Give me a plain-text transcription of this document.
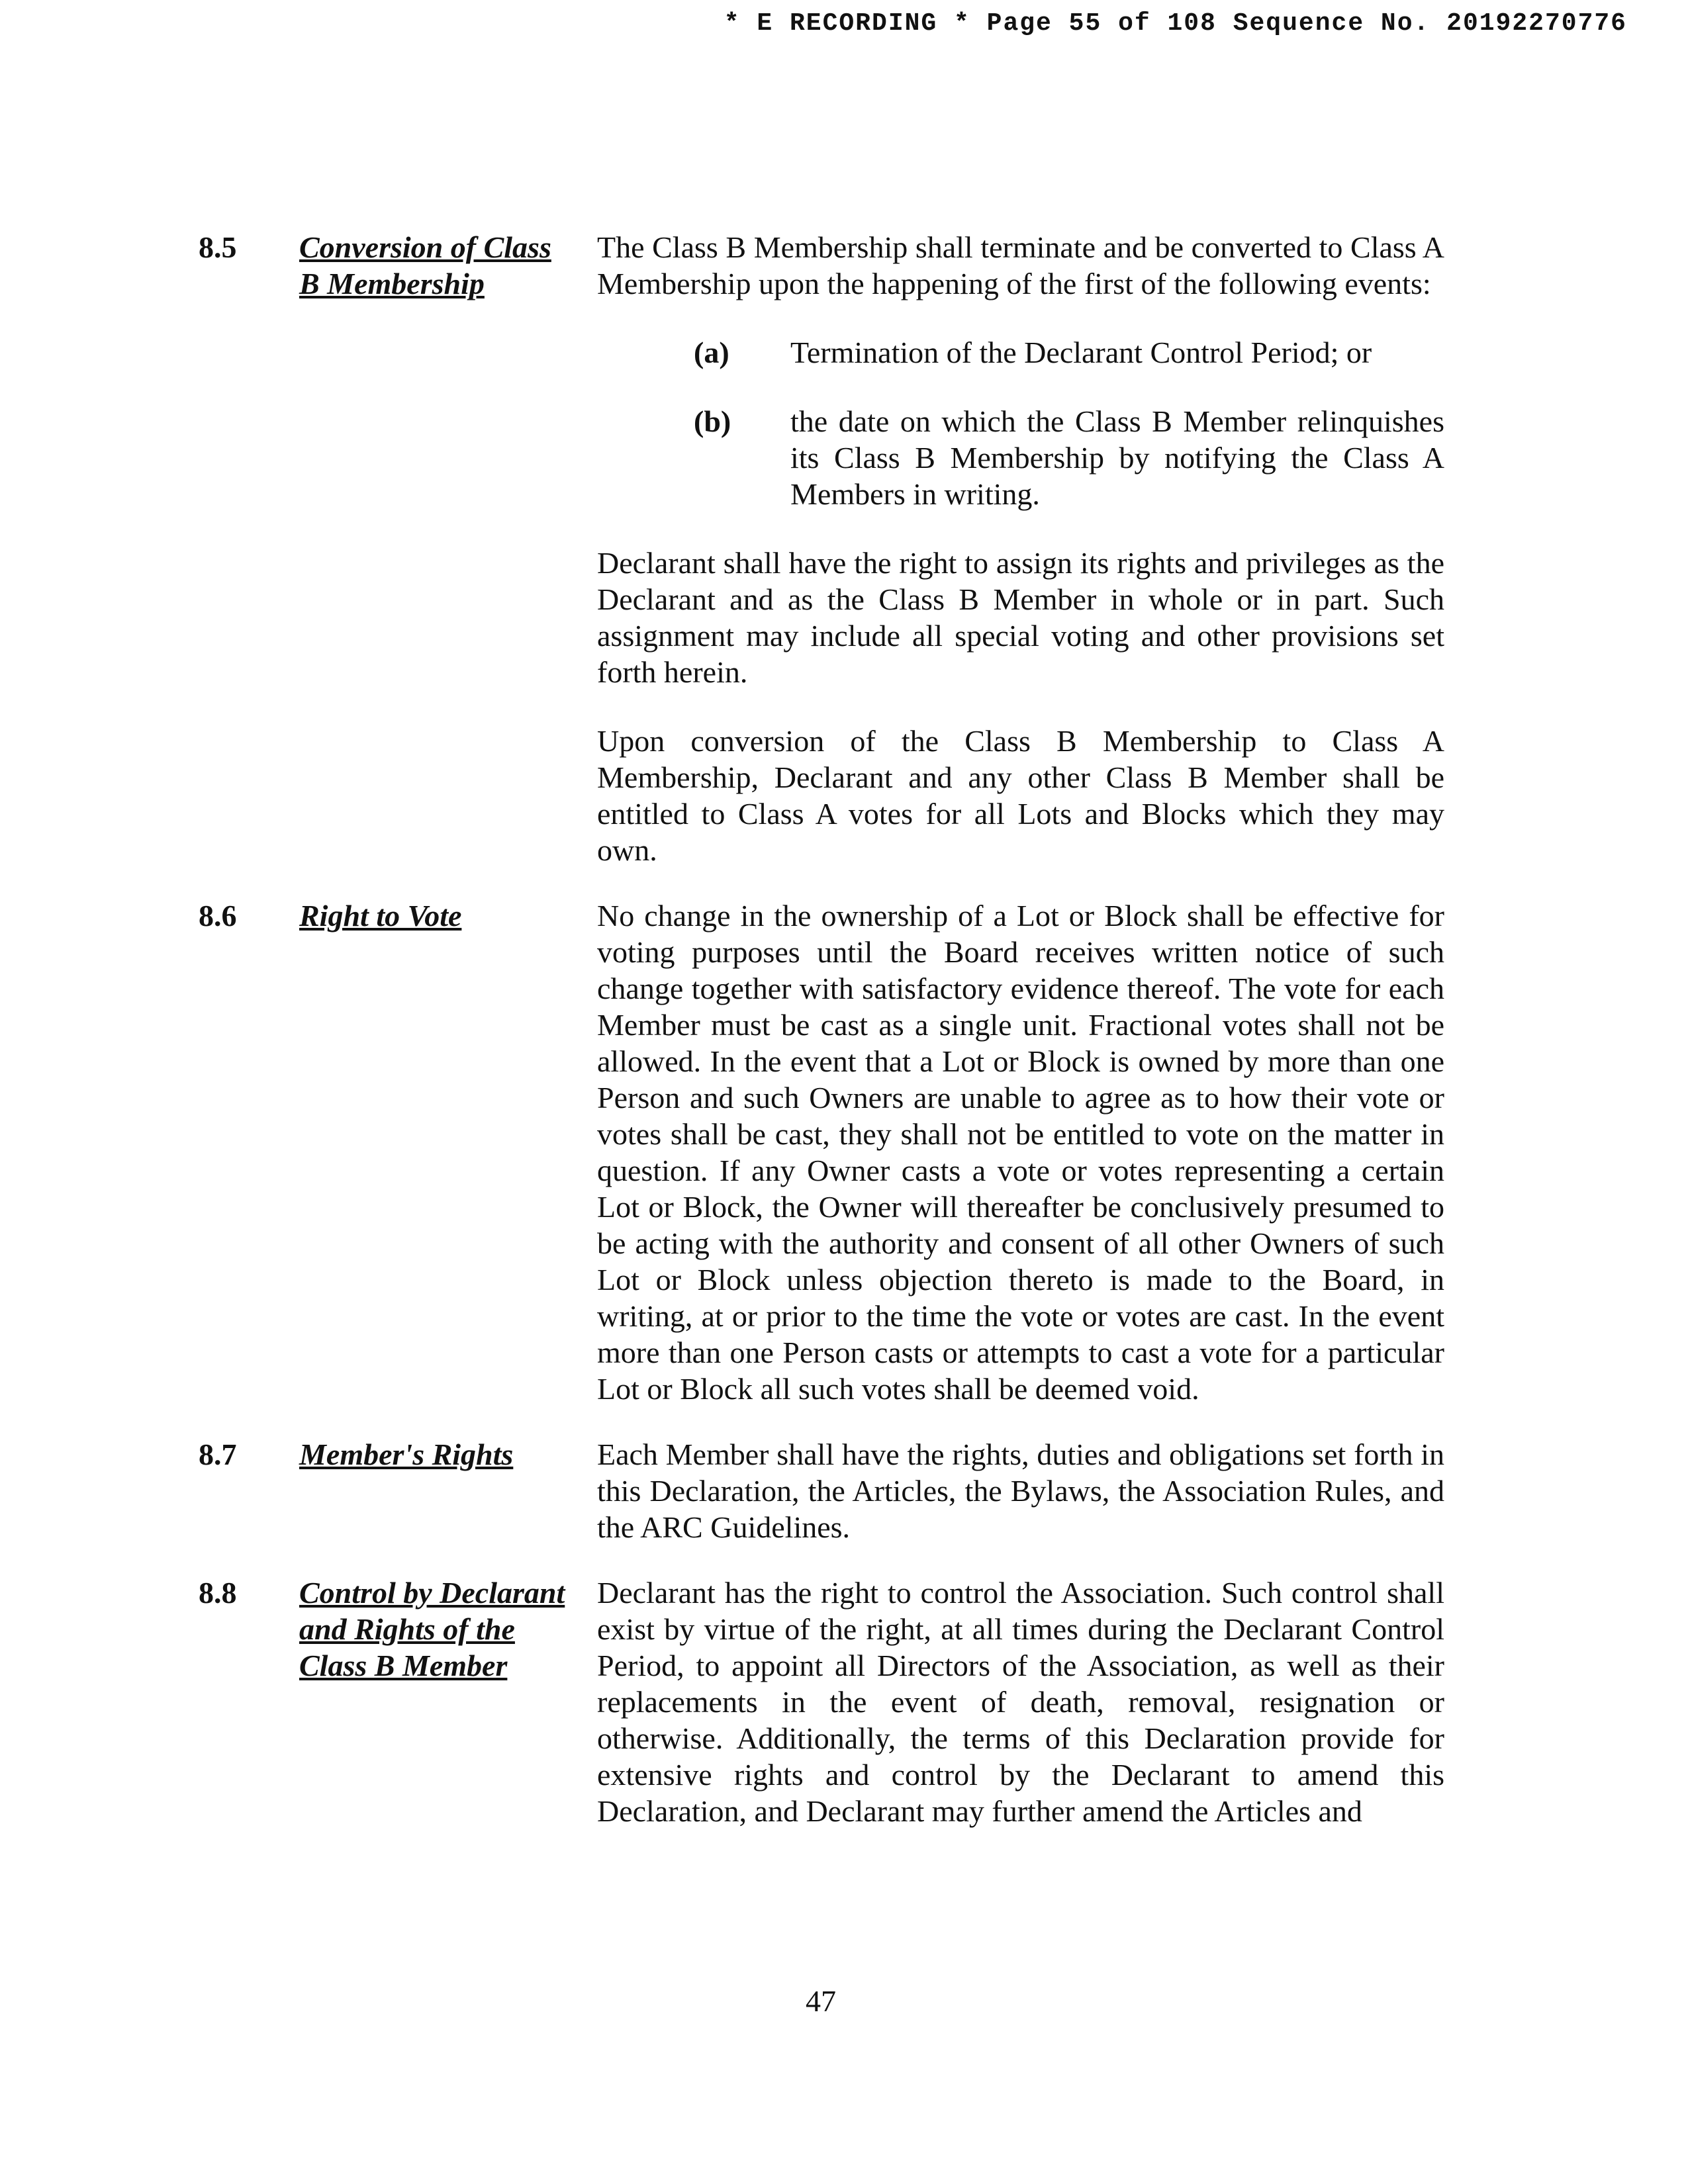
* E RECORDING * Page 55 of 108 Sequence No. 20192270776
8.5 Conversion of Class B Membership

The Class B Membership shall terminate and be converted to Class A Membership upon the happening of the first of the following events:

(a) Termination of the Declarant Control Period; or
(b) the date on which the Class B Member relinquishes its Class B Membership by notifying the Class A Members in writing.

Declarant shall have the right to assign its rights and privileges as the Declarant and as the Class B Member in whole or in part. Such assignment may include all special voting and other provisions set forth herein.

Upon conversion of the Class B Membership to Class A Membership, Declarant and any other Class B Member shall be entitled to Class A votes for all Lots and Blocks which they may own.

8.6 Right to Vote	No change in the ownership of a Lot or Block shall be effective for voting purposes until the Board receives written notice of such change together with satisfactory evidence thereof. The vote for each Member must be cast as a single unit. Fractional votes shall not be allowed. In the event that a Lot or Block is owned by more than one Person and such Owners are unable to agree as to how their vote or votes shall be cast, they shall not be entitled to vote on the matter in question. If any Owner casts a vote or votes representing a certain Lot or Block, the Owner will thereafter be conclusively presumed to be acting with the authority and consent of all other Owners of such Lot or Block unless objection thereto is made to the Board, in writing, at or prior to the time the vote or votes are cast. In the event more than one Person casts or attempts to cast a vote for a particular Lot or Block all such votes shall be deemed void.

8.7 Member's Rights	Each Member shall have the rights, duties and obligations set forth in this Declaration, the Articles, the Bylaws, the Association Rules, and the ARC Guidelines.

8.8 Control by Declarant and Rights of the Class B Member

Declarant has the right to control the Association. Such control shall exist by virtue of the right, at all times during the Declarant Control Period, to appoint all Directors of the Association, as well as their replacements in the event of death, removal, resignation or otherwise. Additionally, the terms of this Declaration provide for extensive rights and control by the Declarant to amend this Declaration, and Declarant may further amend the Articles and

47
